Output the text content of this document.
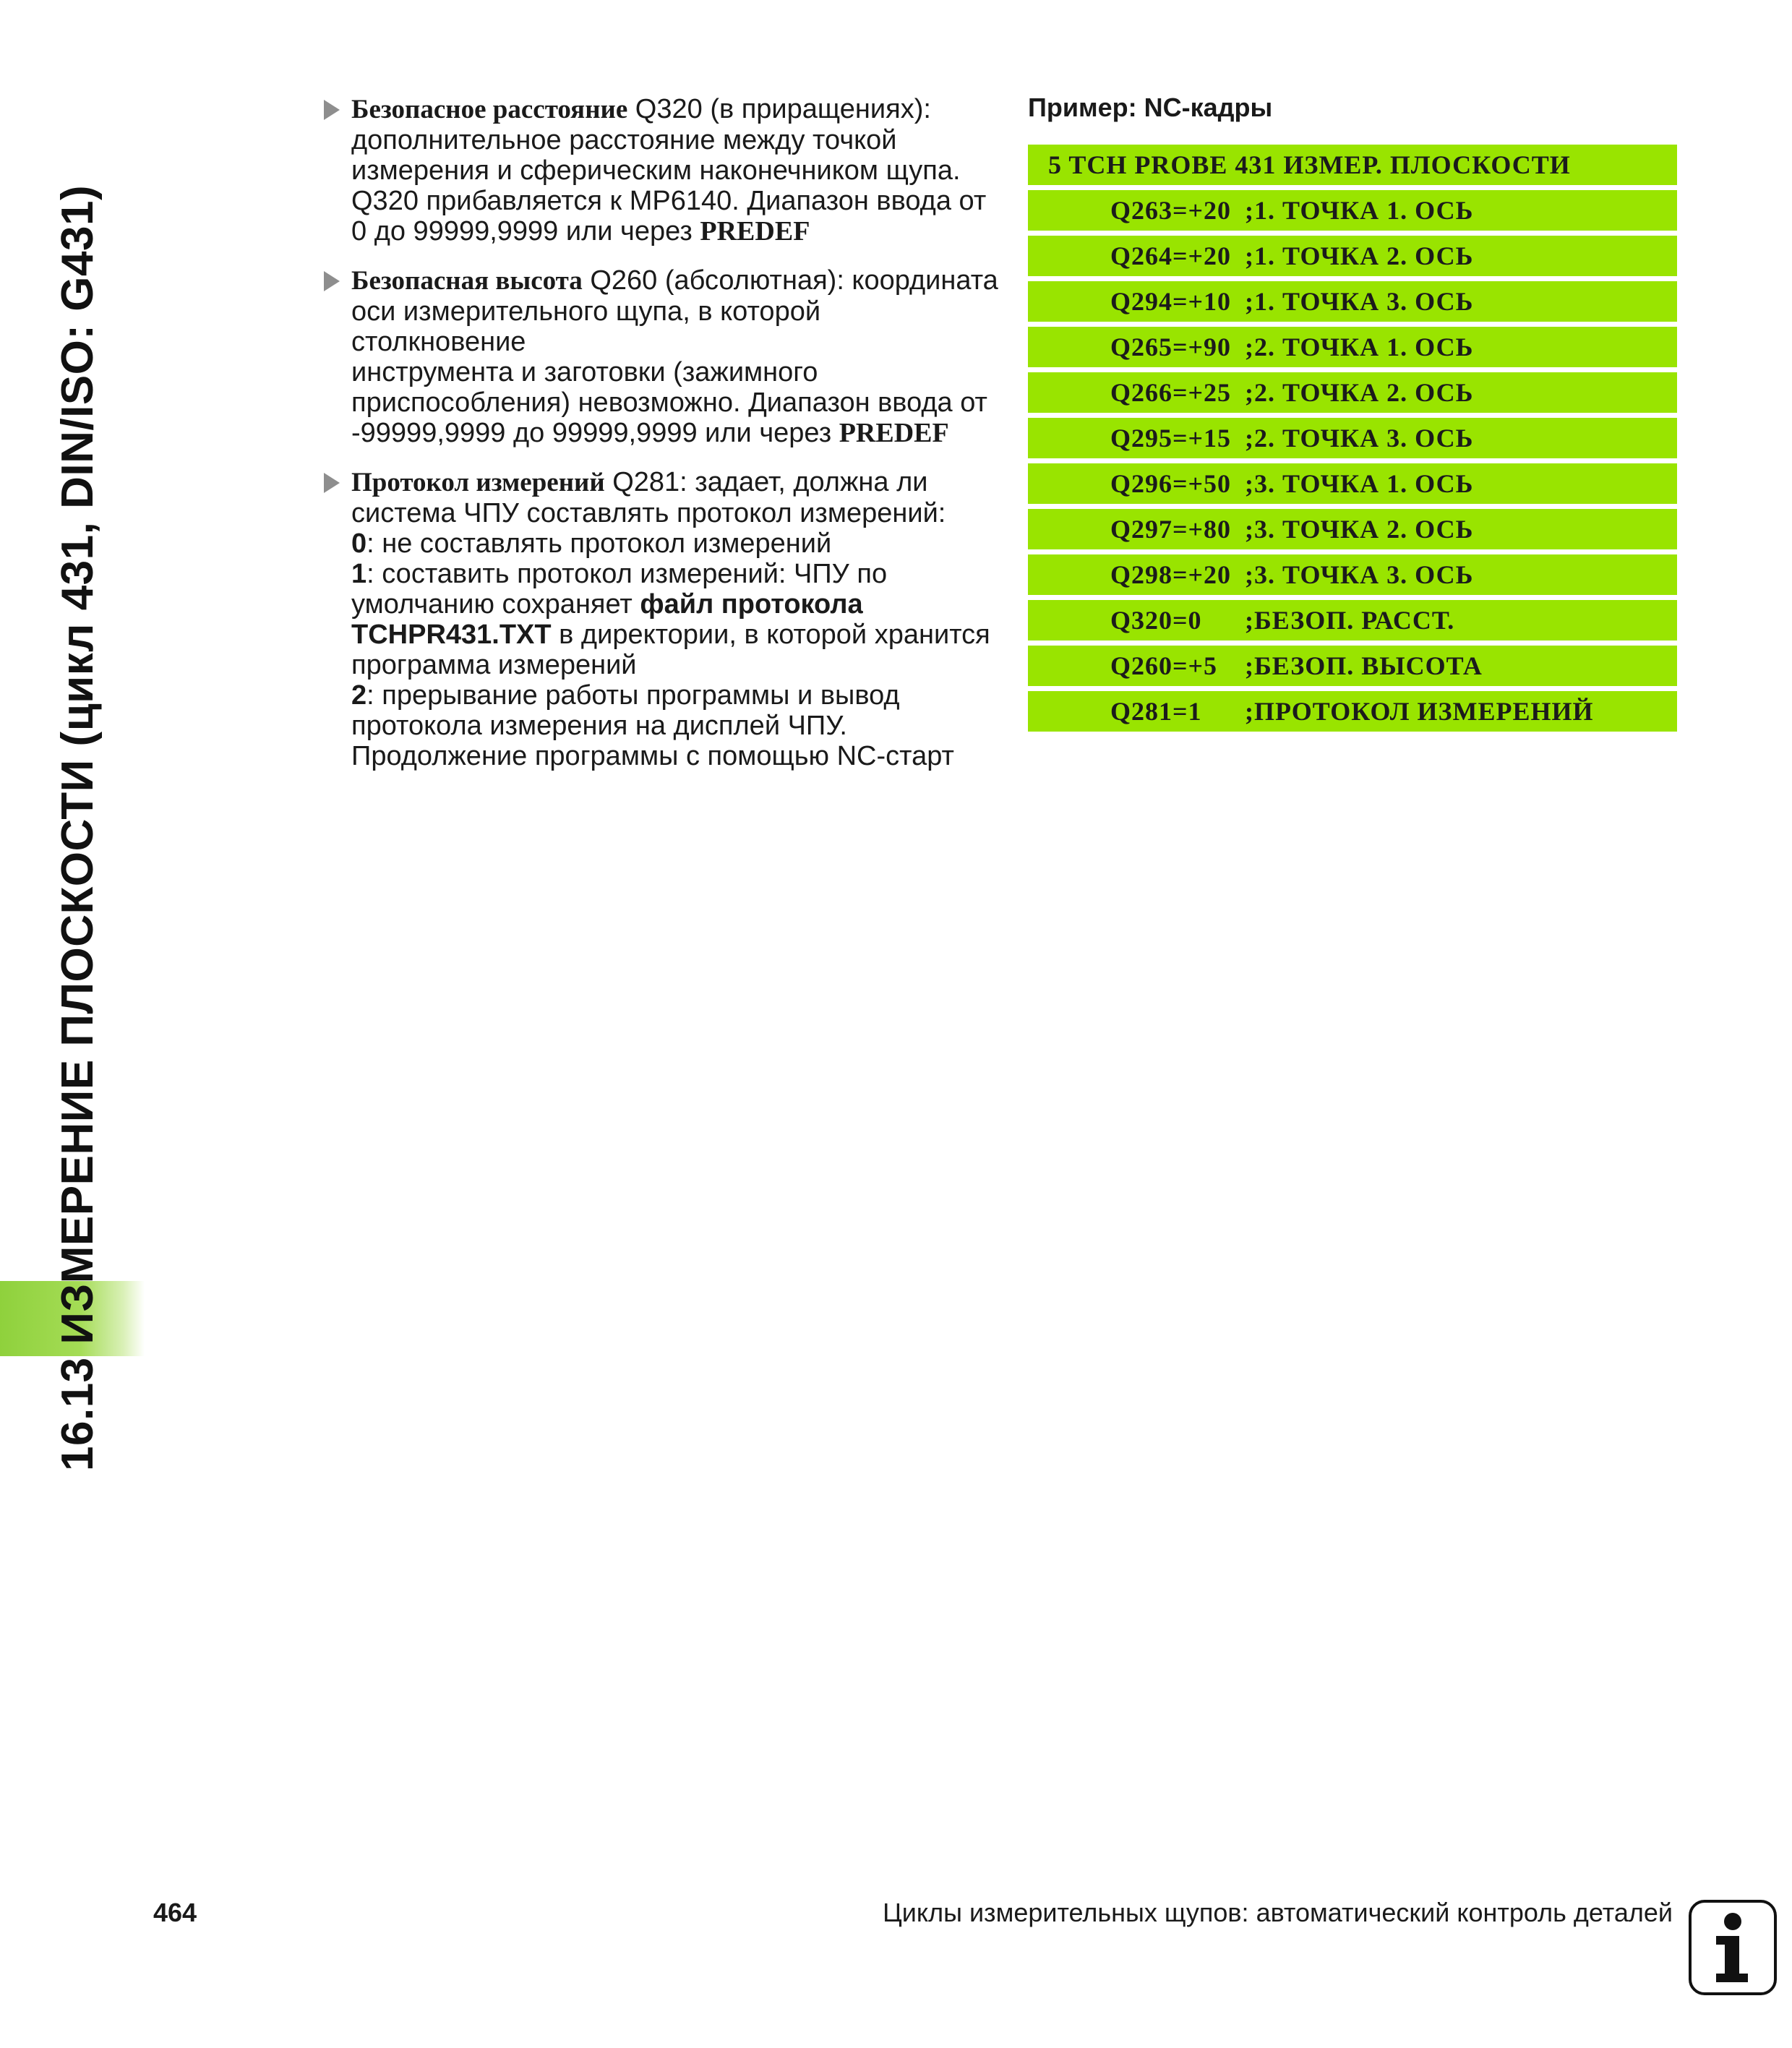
16.13 ИЗМЕРЕНИЕ ПЛОСКОСТИ (цикл 431, DIN/ISO: G431)
Безопасное расстояние Q320 (в приращениях):
дополнительное расстояние между точкой
измерения и сферическим наконечником щупа.
Q320 прибавляется к MP6140. Диапазон ввода от
0 до 99999,9999 или через PREDEF
Безопасная высота Q260 (абсолютная): координата
оси измерительного щупа, в которой столкновение
инструмента и заготовки (зажимного
приспособления) невозможно. Диапазон ввода от
-99999,9999 до 99999,9999 или через PREDEF
Протокол измерений Q281: задает, должна ли
система ЧПУ составлять протокол измерений:
0: не составлять протокол измерений
1: составить протокол измерений: ЧПУ по
умолчанию сохраняет файл протокола
TCHPR431.TXT в директории, в которой хранится
программа измерений
2: прерывание работы программы и вывод
протокола измерения на дисплей ЧПУ.
Продолжение программы с помощью NC-старт
Пример: NC-кадры
5 TCH PROBE 431 ИЗМЕР. ПЛОСКОСТИ
Q263=+20 ;1. ТОЧКА 1. ОСЬ
Q264=+20 ;1. ТОЧКА 2. ОСЬ
Q294=+10 ;1. ТОЧКА 3. ОСЬ
Q265=+90 ;2. ТОЧКА 1. ОСЬ
Q266=+25 ;2. ТОЧКА 2. ОСЬ
Q295=+15 ;2. ТОЧКА 3. ОСЬ
Q296=+50 ;3. ТОЧКА 1. ОСЬ
Q297=+80 ;3. ТОЧКА 2. ОСЬ
Q298=+20 ;3. ТОЧКА 3. ОСЬ
Q320=0 ;БЕЗОП. РАССТ.
Q260=+5 ;БЕЗОП. ВЫСОТА
Q281=1 ;ПРОТОКОЛ ИЗМЕРЕНИЙ
464	Циклы измерительных щупов: автоматический контроль деталей
